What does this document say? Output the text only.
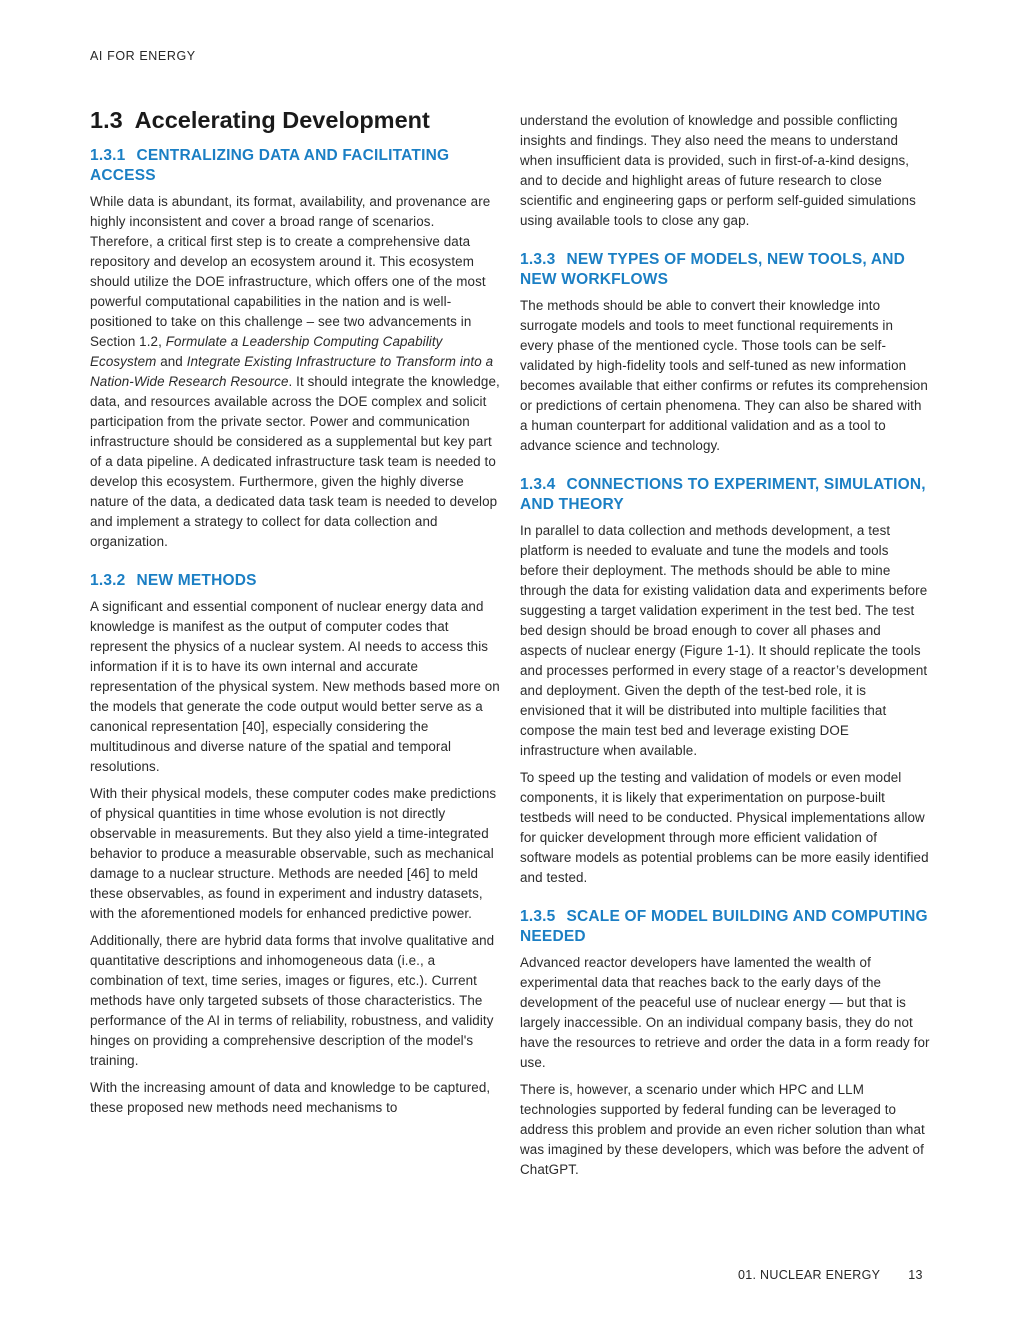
AI FOR ENERGY
1.3 Accelerating Development
1.3.1 CENTRALIZING DATA AND FACILITATING ACCESS

While data is abundant, its format, availability, and provenance are highly inconsistent and cover a broad range of scenarios. Therefore, a critical first step is to create a comprehensive data repository and develop an ecosystem around it. This ecosystem should utilize the DOE infrastructure, which offers one of the most powerful computational capabilities in the nation and is well-positioned to take on this challenge – see two advancements in Section 1.2, Formulate a Leadership Computing Capability Ecosystem and Integrate Existing Infrastructure to Transform into a Nation-Wide Research Resource. It should integrate the knowledge, data, and resources available across the DOE complex and solicit participation from the private sector. Power and communication infrastructure should be considered as a supplemental but key part of a data pipeline. A dedicated infrastructure task team is needed to develop this ecosystem. Furthermore, given the highly diverse nature of the data, a dedicated data task team is needed to develop and implement a strategy to collect for data collection and organization.

1.3.2 NEW METHODS

A significant and essential component of nuclear energy data and knowledge is manifest as the output of computer codes that represent the physics of a nuclear system. AI needs to access this information if it is to have its own internal and accurate representation of the physical system. New methods based more on the models that generate the code output would better serve as a canonical representation [40], especially considering the multitudinous and diverse nature of the spatial and temporal resolutions.

With their physical models, these computer codes make predictions of physical quantities in time whose evolution is not directly observable in measurements. But they also yield a time-integrated behavior to produce a measurable observable, such as mechanical damage to a nuclear structure. Methods are needed [46] to meld these observables, as found in experiment and industry datasets, with the aforementioned models for enhanced predictive power.

Additionally, there are hybrid data forms that involve qualitative and quantitative descriptions and inhomogeneous data (i.e., a combination of text, time series, images or figures, etc.). Current methods have only targeted subsets of those characteristics. The performance of the AI in terms of reliability, robustness, and validity hinges on providing a comprehensive description of the model's training.

With the increasing amount of data and knowledge to be captured, these proposed new methods need mechanisms to

understand the evolution of knowledge and possible conflicting insights and findings. They also need the means to understand when insufficient data is provided, such in first-of-a-kind designs, and to decide and highlight areas of future research to close scientific and engineering gaps or perform self-guided simulations using available tools to close any gap.

1.3.3 NEW TYPES OF MODELS, NEW TOOLS, AND NEW WORKFLOWS

The methods should be able to convert their knowledge into surrogate models and tools to meet functional requirements in every phase of the mentioned cycle. Those tools can be self-validated by high-fidelity tools and self-tuned as new information becomes available that either confirms or refutes its comprehension or predictions of certain phenomena. They can also be shared with a human counterpart for additional validation and as a tool to advance science and technology.

1.3.4 CONNECTIONS TO EXPERIMENT, SIMULATION, AND THEORY

In parallel to data collection and methods development, a test platform is needed to evaluate and tune the models and tools before their deployment. The methods should be able to mine through the data for existing validation data and experiments before suggesting a target validation experiment in the test bed. The test bed design should be broad enough to cover all phases and aspects of nuclear energy (Figure 1-1). It should replicate the tools and processes performed in every stage of a reactor’s development and deployment. Given the depth of the test-bed role, it is envisioned that it will be distributed into multiple facilities that compose the main test bed and leverage existing DOE infrastructure when available.

To speed up the testing and validation of models or even model components, it is likely that experimentation on purpose-built testbeds will need to be conducted. Physical implementations allow for quicker development through more efficient validation of software models as potential problems can be more easily identified and tested.

1.3.5 SCALE OF MODEL BUILDING AND COMPUTING NEEDED

Advanced reactor developers have lamented the wealth of experimental data that reaches back to the early days of the development of the peaceful use of nuclear energy — but that is largely inaccessible. On an individual company basis, they do not have the resources to retrieve and order the data in a form ready for use.

There is, however, a scenario under which HPC and LLM technologies supported by federal funding can be leveraged to address this problem and provide an even richer solution than what was imagined by these developers, which was before the advent of ChatGPT.

01. NUCLEAR ENERGY 13
